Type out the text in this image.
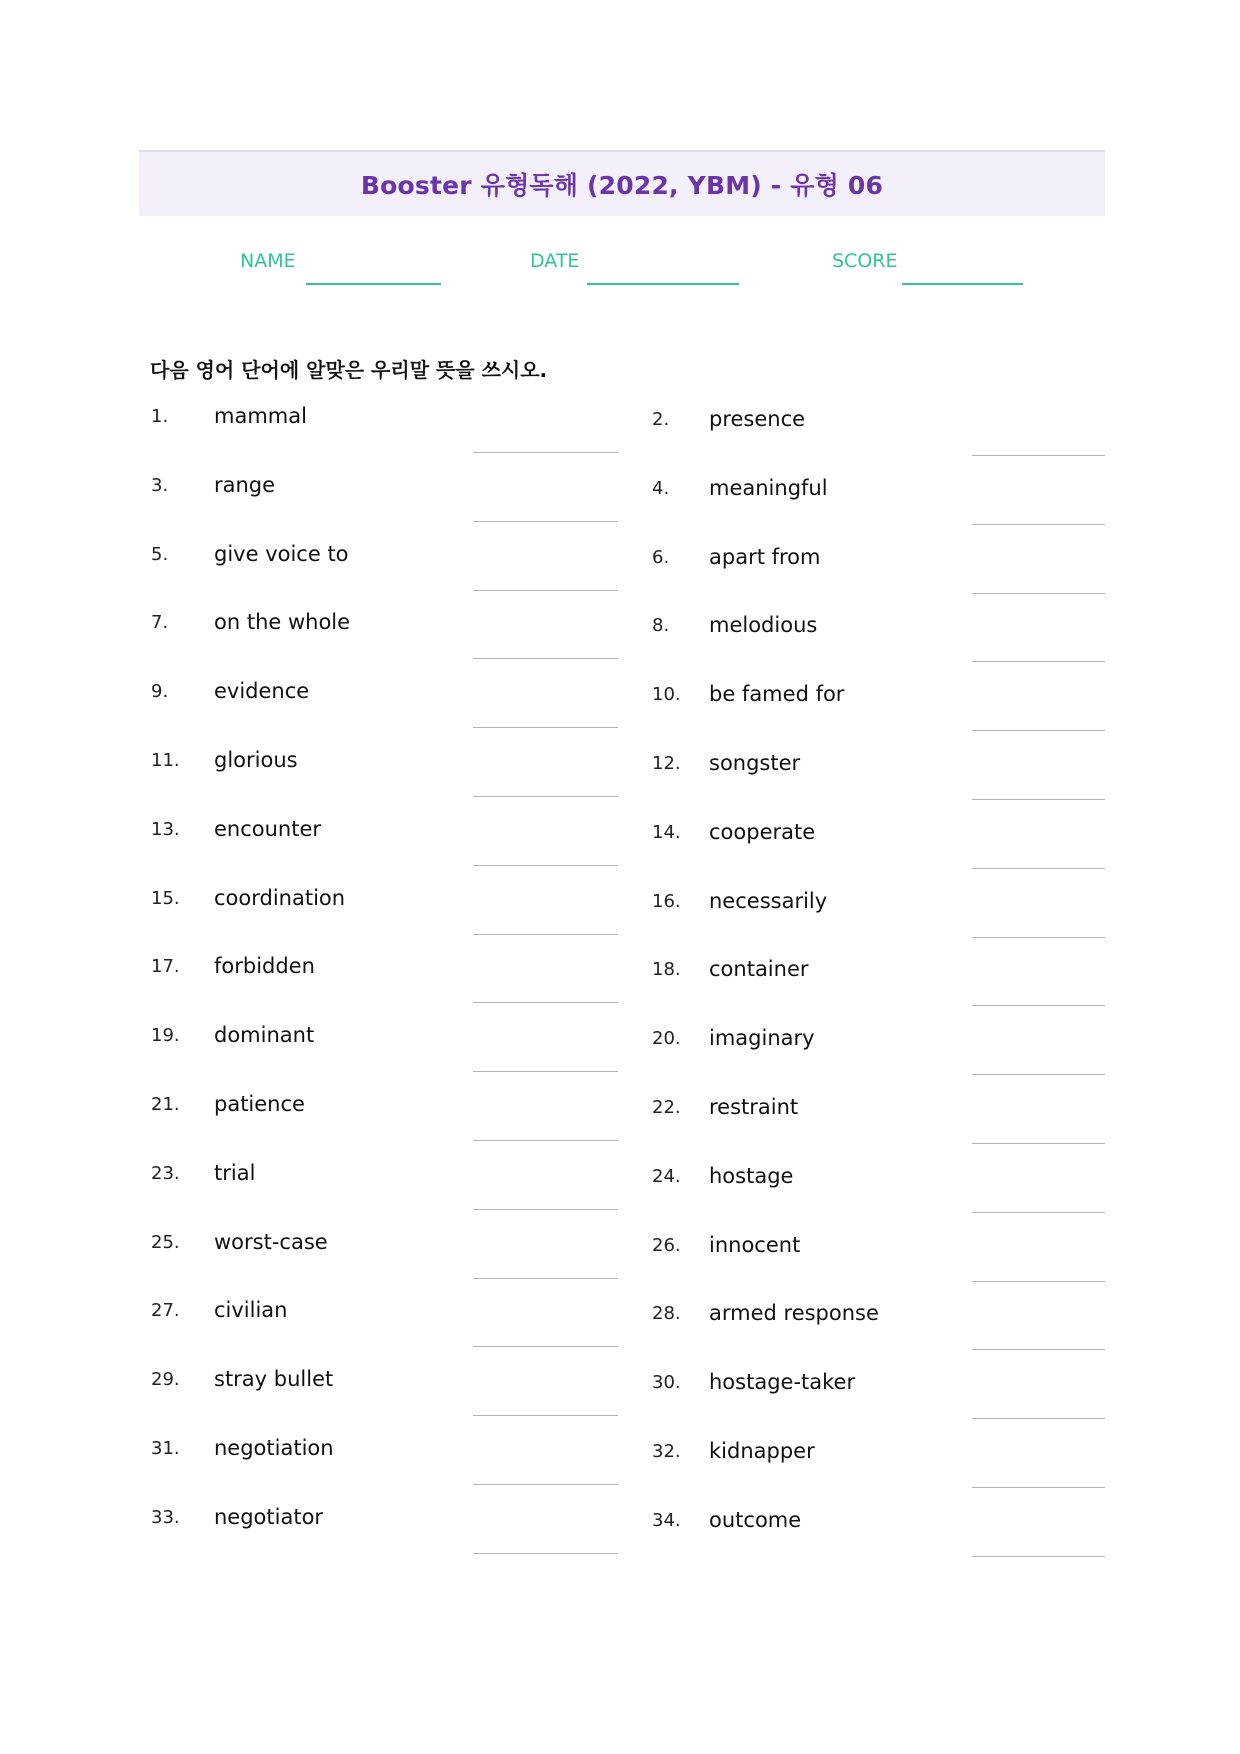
Booster 유형독해 (2022, YBM) - 유형 06
NAME	DATE	SCORE
다음 영어 단어에 알맞은 우리말 뜻을 쓰시오.
1. mammal	2. presence
3. range	4. meaningful
5. give voice to	6. apart from
7. on the whole	8. melodious
9. evidence	10. be famed for
11. glorious	12. songster
13. encounter	14. cooperate
15. coordination	16. necessarily
17. forbidden	18. container
19. dominant	20. imaginary
21. patience	22. restraint
23. trial	24. hostage
25. worst-case	26. innocent
27. civilian	28. armed response
29. stray bullet	30. hostage-taker
31. negotiation	32. kidnapper
33. negotiator	34. outcome
